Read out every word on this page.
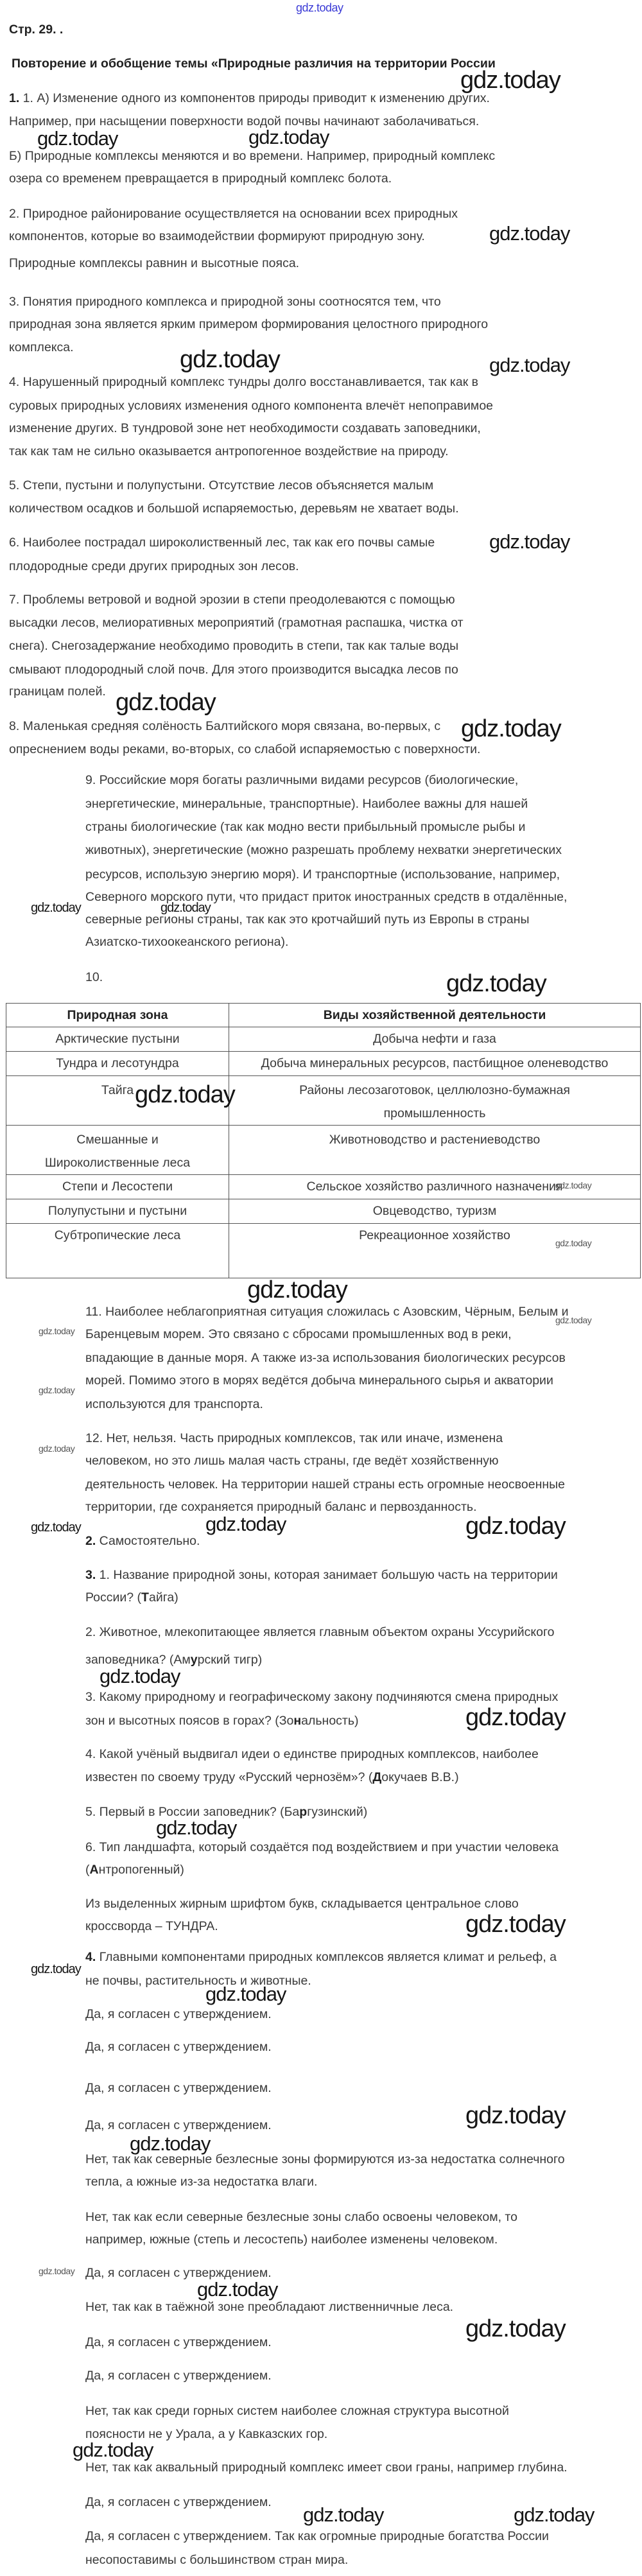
gdz.today
Стр. 29. .
Повторение и обобщение темы «Природные различия на территории России
1. 1. А) Изменение одного из компонентов природы приводит к изменению других.
Например, при насыщении поверхности водой почвы начинают заболачиваться.
Б) Природные комплексы меняются и во времени. Например, природный комплекс
озера со временем превращается в природный комплекс болота.
2. Природное районирование осуществляется на основании всех природных
компонентов, которые во взаимодействии формируют природную зону.
Природные комплексы равнин и высотные пояса.
3. Понятия природного комплекса и природной зоны соотносятся тем, что
природная зона является ярким примером формирования целостного природного
комплекса.
4. Нарушенный природный комплекс тундры долго восстанавливается, так как в
суровых природных условиях изменения одного компонента влечёт непоправимое
изменение других. В тундровой зоне нет необходимости создавать заповедники,
так как там не сильно оказывается антропогенное воздействие на природу.
5. Степи, пустыни и полупустыни. Отсутствие лесов объясняется малым
количеством осадков и большой испаряемостью, деревьям не хватает воды.
6. Наиболее пострадал широколиственный лес, так как его почвы самые
плодородные среди других природных зон лесов.
7. Проблемы ветровой и водной эрозии в степи преодолеваются с помощью
высадки лесов, мелиоративных мероприятий (грамотная распашка, чистка от
снега). Снегозадержание необходимо проводить в степи, так как талые воды
смывают плодородный слой почв. Для этого производится высадка лесов по
границам полей.
8. Маленькая средняя солёность Балтийского моря связана, во-первых, с
опреснением воды реками, во-вторых, со слабой испаряемостью с поверхности.
9. Российские моря богаты различными видами ресурсов (биологические,
энергетические, минеральные, транспортные). Наиболее важны для нашей
страны биологические (так как модно вести прибыльный промысле рыбы и
животных), энергетические (можно разрешать проблему нехватки энергетических
ресурсов, использую энергию моря). И транспортные (использование, например,
Северного морского пути, что придаст приток иностранных средств в отдалённые,
северные регионы страны, так как это кротчайший путь из Европы в страны
Азиатско-тихоокеанского региона).
10.
11. Наиболее неблагоприятная ситуация сложилась с Азовским, Чёрным, Белым и
Баренцевым морем. Это связано с сбросами промышленных вод в реки,
впадающие в данные моря. А также из-за использования биологических ресурсов
морей. Помимо этого в морях ведётся добыча минерального сырья и акватории
используются для транспорта.
12. Нет, нельзя. Часть природных комплексов, так или иначе, изменена
человеком, но это лишь малая часть страны, где ведёт хозяйственную
деятельность человек. На территории нашей страны есть огромные неосвоенные
территории, где сохраняется природный баланс и первозданность.
2. Самостоятельно.
3. 1. Название природной зоны, которая занимает большую часть на территории
России? (Тайга)
2. Животное, млекопитающее является главным объектом охраны Уссурийского
заповедника? (Амурский тигр)
3. Какому природному и географическому закону подчиняются смена природных
зон и высотных поясов в горах? (Зональность)
4. Какой учёный выдвигал идеи о единстве природных комплексов, наиболее
известен по своему труду «Русский чернозём»? (Докучаев В.В.)
5. Первый в России заповедник? (Баргузинский)
6. Тип ландшафта, который создаётся под воздействием и при участии человека
(Антропогенный)
Из выделенных жирным шрифтом букв, складывается центральное слово
кроссворда – ТУНДРА.
4. Главными компонентами природных комплексов является климат и рельеф, а
не почвы, растительность и животные.
Да, я согласен с утверждением.
Да, я согласен с утверждением.
Да, я согласен с утверждением.
Да, я согласен с утверждением.
Нет, так как северные безлесные зоны формируются из-за недостатка солнечного
тепла, а южные из-за недостатка влаги.
Нет, так как если северные безлесные зоны слабо освоены человеком, то
например, южные (степь и лесостепь) наиболее изменены человеком.
Да, я согласен с утверждением.
Нет, так как в таёжной зоне преобладают лиственничные леса.
Да, я согласен с утверждением.
Да, я согласен с утверждением.
Нет, так как среди горных систем наиболее сложная структура высотной
поясности не у Урала, а у Кавказских гор.
Нет, так как аквальный природный комплекс имеет свои граны, например глубина.
Да, я согласен с утверждением.
Да, я согласен с утверждением. Так как огромные природные богатства России
несопоставимы с большинством стран мира.
Природная зона	Виды хозяйственной деятельности

Арктические пустыни	Добыча нефти и газа

Тундра и лесотундра	Добыча минеральных ресурсов, пастбищное оленеводство

Тайга	Районы лесозаготовок, целлюлозно-бумажная
промышленность

Смешанные и
Широколиственные леса	Животноводство и растениеводство

Степи и Лесостепи	Сельское хозяйство различного назначения

Полупустыни и пустыни	Овцеводство, туризм

Субтропические леса	Рекреационное хозяйство
gdz.today
gdz.today
gdz.today
gdz.today
gdz.today
gdz.today
gdz.today
gdz.today
gdz.today
gdz.today
gdz.today
gdz.today
gdz.today	gdz.today
gdz.today
gdz.today
gdz.today
gdz.today
gdz.today
gdz.today
gdz.today
gdz.today
gdz.today
gdz.today
gdz.today	gdz.today
gdz.today	gdz.today
gdz.today
gdz.today
gdz.today
gdz.today
gdz.today
gdz.today
gdz.today
gdz.today
gdz.today
